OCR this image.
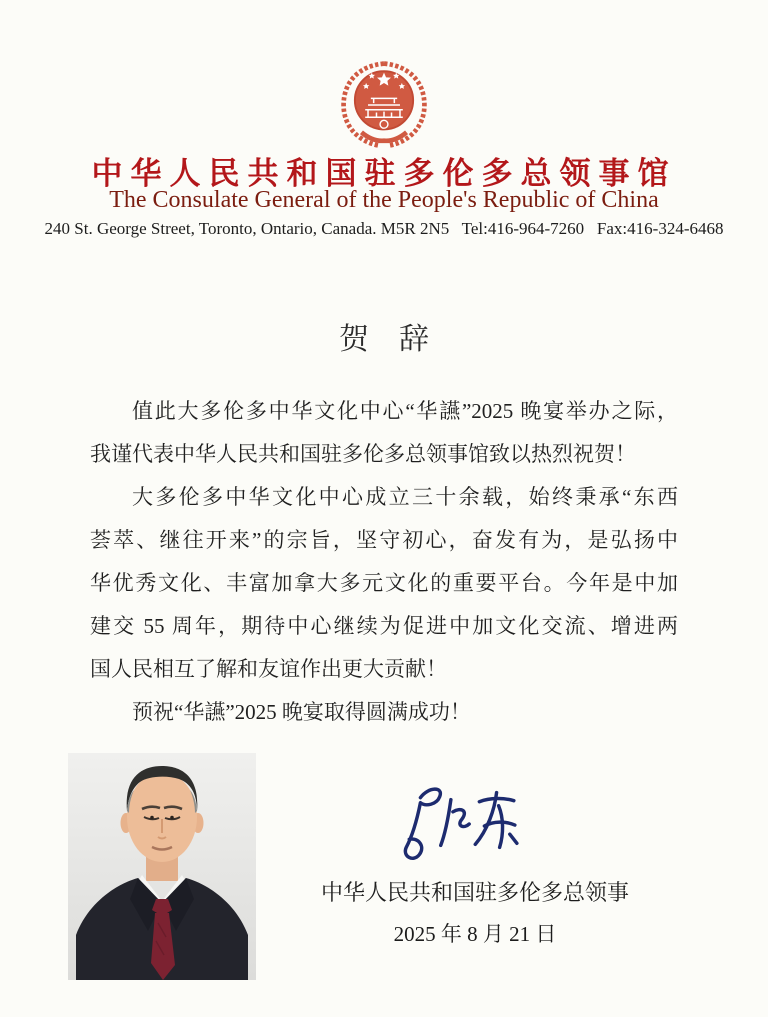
中华人民共和国驻多伦多总领事馆
The Consulate General of the People's Republic of China
240 St. George Street, Toronto, Ontario, Canada. M5R 2N5   Tel:416-964-7260   Fax:416-324-6468
贺　辞
值此大多伦多中华文化中心“华讌”2025 晚宴举办之际，
我谨代表中华人民共和国驻多伦多总领事馆致以热烈祝贺！
大多伦多中华文化中心成立三十余载，始终秉承“东西
荟萃、继往开来”的宗旨，坚守初心，奋发有为，是弘扬中
华优秀文化、丰富加拿大多元文化的重要平台。今年是中加
建交 55 周年，期待中心继续为促进中加文化交流、增进两
国人民相互了解和友谊作出更大贡献！
预祝“华讌”2025 晚宴取得圆满成功！
中华人民共和国驻多伦多总领事
2025 年 8 月 21 日
